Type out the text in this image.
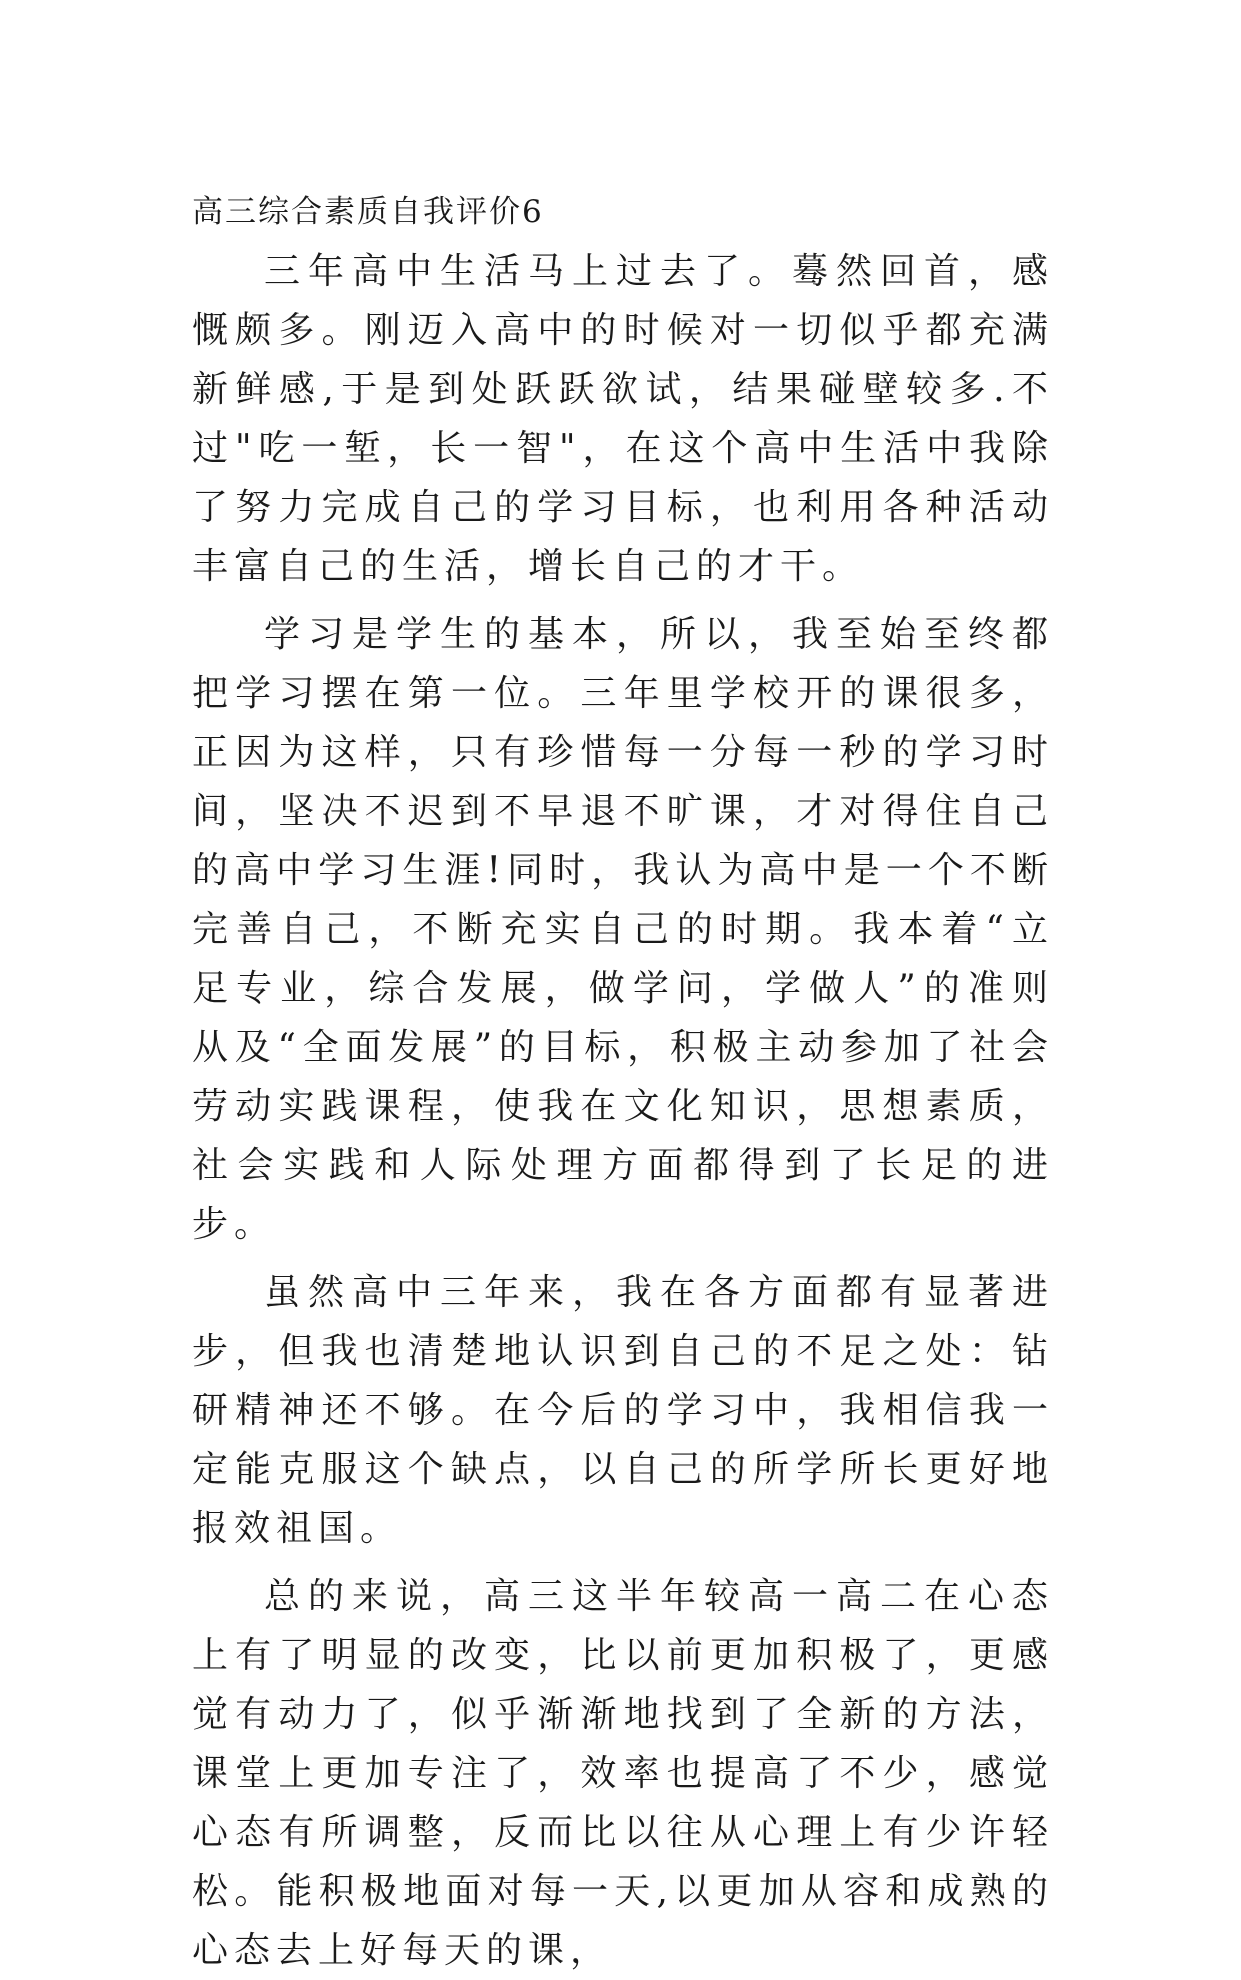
高三综合素质自我评价6

三年高中生活马上过去了。蓦然回首，感慨颇多。刚迈入高中的时候对一切似乎都充满新鲜感,于是到处跃跃欲试，结果碰壁较多.不过"吃一堑，长一智"，在这个高中生活中我除了努力完成自己的学习目标，也利用各种活动丰富自己的生活，增长自己的才干。

学习是学生的基本，所以，我至始至终都把学习摆在第一位。三年里学校开的课很多，正因为这样，只有珍惜每一分每一秒的学习时间，坚决不迟到不早退不旷课，才对得住自己的高中学习生涯!同时，我认为高中是一个不断完善自己，不断充实自己的时期。我本着“立足专业，综合发展，做学问，学做人”的准则从及“全面发展”的目标，积极主动参加了社会劳动实践课程，使我在文化知识，思想素质，社会实践和人际处理方面都得到了长足的进步。

虽然高中三年来，我在各方面都有显著进步，但我也清楚地认识到自己的不足之处：钻研精神还不够。在今后的学习中，我相信我一定能克服这个缺点，以自己的所学所长更好地报效祖国。

总的来说，高三这半年较高一高二在心态上有了明显的改变，比以前更加积极了，更感觉有动力了，似乎渐渐地找到了全新的方法，课堂上更加专注了，效率也提高了不少，感觉心态有所调整，反而比以往从心理上有少许轻松。能积极地面对每一天,以更加从容和成熟的心态去上好每天的课，
